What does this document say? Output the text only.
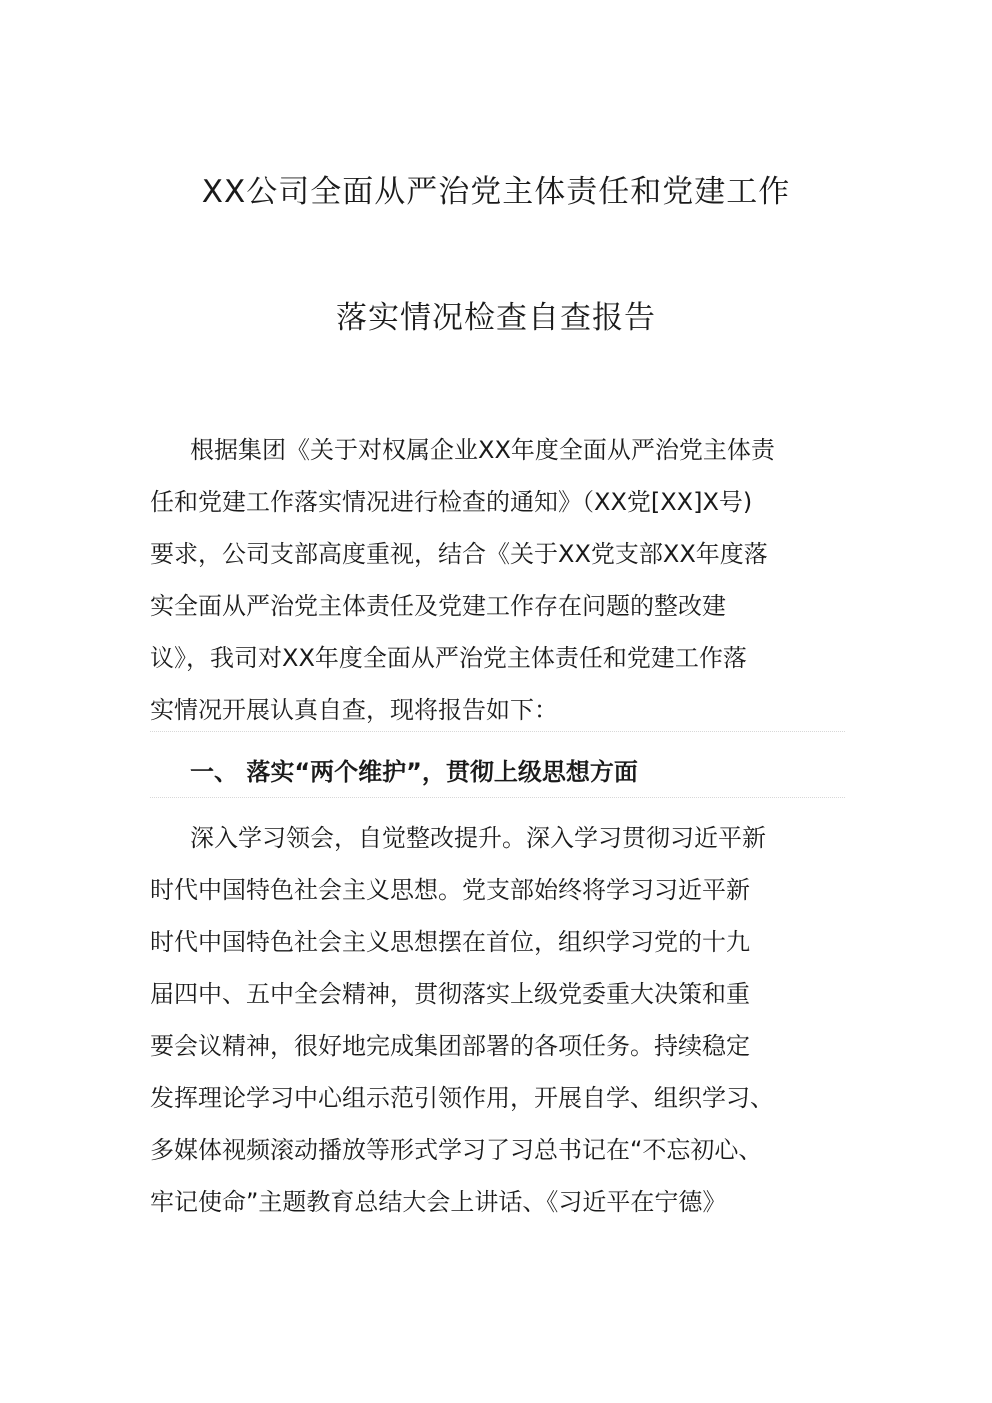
XX公司全面从严治党主体责任和党建工作
落实情况检查自查报告
根据集团《关于对权属企业XX年度全面从严治党主体责
任和党建工作落实情况进行检查的通知》（XX党[XX]X号)
要求，公司支部高度重视，结合《关于XX党支部XX年度落
实全面从严治党主体责任及党建工作存在问题的整改建
议》，我司对XX年度全面从严治党主体责任和党建工作落
实情况开展认真自查，现将报告如下：
一、 落实“两个维护”，贯彻上级思想方面
深入学习领会，自觉整改提升。深入学习贯彻习近平新
时代中国特色社会主义思想。党支部始终将学习习近平新
时代中国特色社会主义思想摆在首位，组织学习党的十九
届四中、五中全会精神，贯彻落实上级党委重大决策和重
要会议精神，很好地完成集团部署的各项任务。持续稳定
发挥理论学习中心组示范引领作用，开展自学、组织学习、
多媒体视频滚动播放等形式学习了习总书记在“不忘初心、
牢记使命”主题教育总结大会上讲话、《习近平在宁德》
